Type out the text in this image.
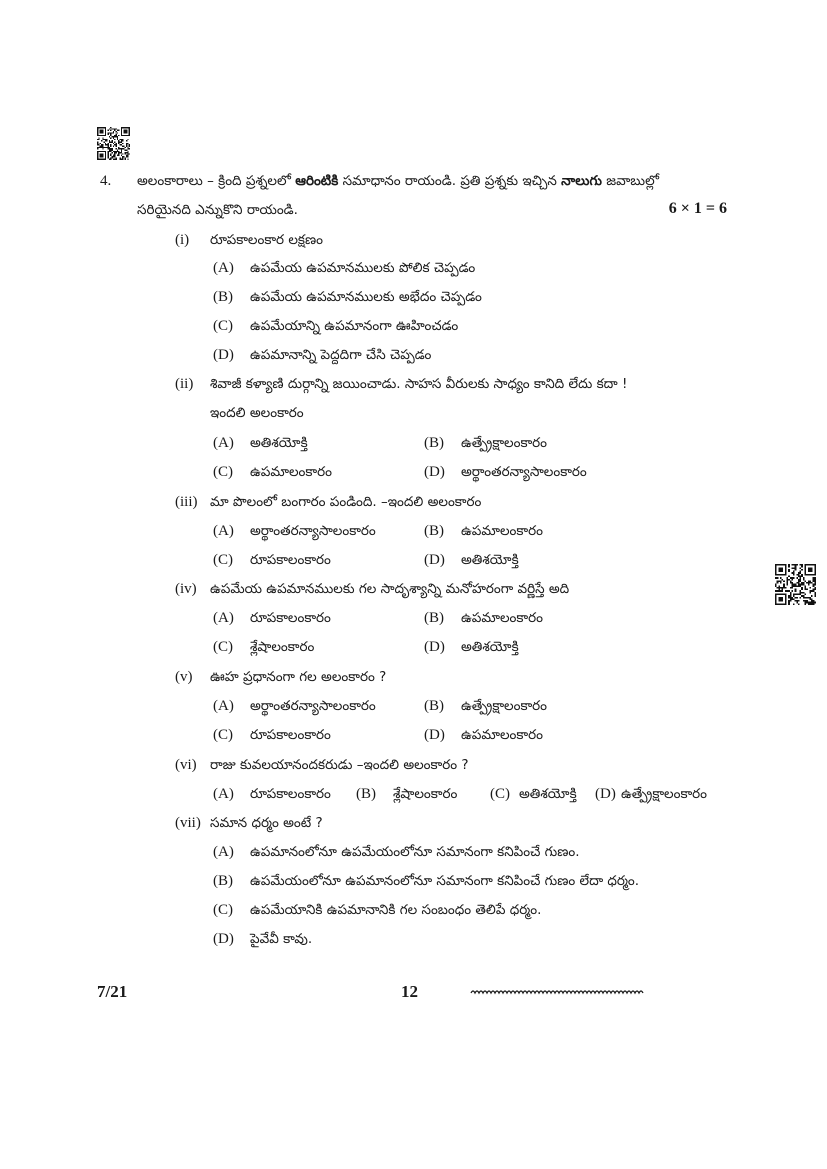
4. అలంకారాలు – క్రింది ప్రశ్నలలో ఆరింటికి సమాధానం రాయండి. ప్రతి ప్రశ్నకు ఇచ్చిన నాలుగు జవాబుల్లో
సరియైనది ఎన్నుకొని రాయండి.	6 × 1 = 6
(i) రూపకాలంకార లక్షణం
(A) ఉపమేయ ఉపమానములకు పోలిక చెప్పడం
(B) ఉపమేయ ఉపమానములకు అభేదం చెప్పడం
(C) ఉపమేయాన్ని ఉపమానంగా ఊహించడం
(D) ఉపమానాన్ని పెద్దదిగా చేసి చెప్పడం
(ii) శివాజీ కళ్యాణి దుర్గాన్ని జయించాడు. సాహస వీరులకు సాధ్యం కానిది లేదు కదా !
ఇందలి అలంకారం
(A) అతిశయోక్తి	(B) ఉత్ప్రేక్షాలంకారం
(C) ఉపమాలంకారం	(D) అర్థాంతరన్యాసాలంకారం
(iii) మా పొలంలో బంగారం పండింది. –ఇందలి అలంకారం
(A) అర్థాంతరన్యాసాలంకారం	(B) ఉపమాలంకారం
(C) రూపకాలంకారం	(D) అతిశయోక్తి
(iv) ఉపమేయ ఉపమానములకు గల సాదృశ్యాన్ని మనోహరంగా వర్ణిస్తే అది
(A) రూపకాలంకారం	(B) ఉపమాలంకారం
(C) శ్లేషాలంకారం	(D) అతిశయోక్తి
(v) ఊహ ప్రధానంగా గల అలంకారం ?
(A) అర్థాంతరన్యాసాలంకారం	(B) ఉత్ప్రేక్షాలంకారం
(C) రూపకాలంకారం	(D) ఉపమాలంకారం
(vi) రాజు కువలయానందకరుడు –ఇందలి అలంకారం ?
(A) రూపకాలంకారం (B) శ్లేషాలంకారం (C) అతిశయోక్తి (D) ఉత్ప్రేక్షాలంకారం
(vii) సమాన ధర్మం అంటే ?
(A) ఉపమానంలోనూ ఉపమేయంలోనూ సమానంగా కనిపించే గుణం.
(B) ఉపమేయంలోనూ ఉపమానంలోనూ సమానంగా కనిపించే గుణం లేదా ధర్మం.
(C) ఉపమేయానికి ఉపమానానికి గల సంబంధం తెలిపే ధర్మం.
(D) పైవేవీ కావు.
7/21	12
